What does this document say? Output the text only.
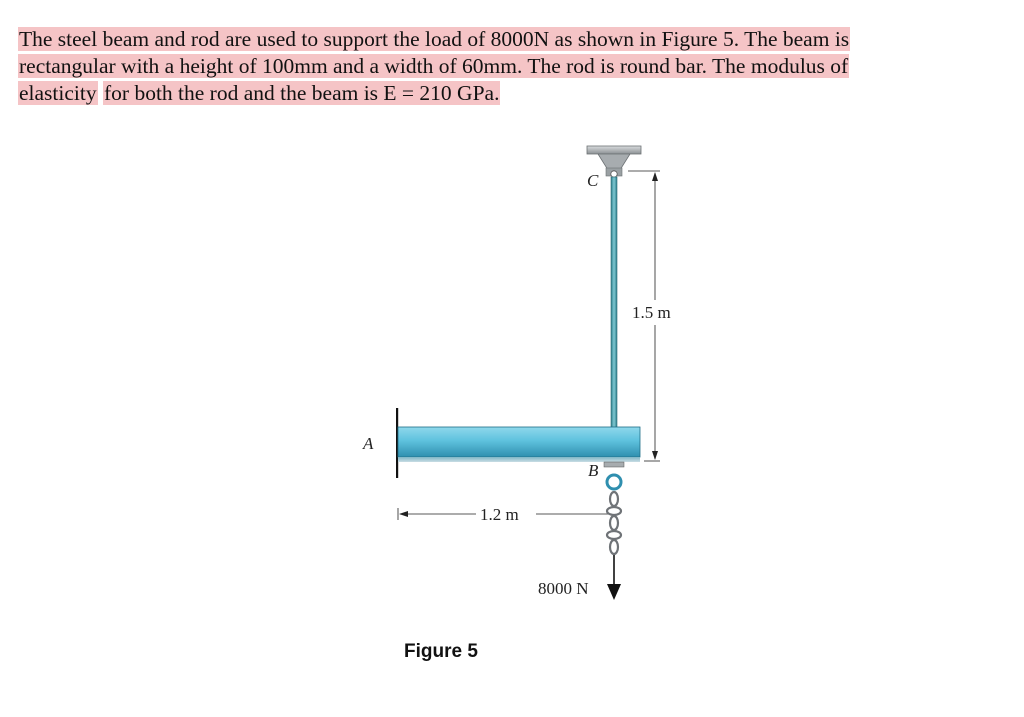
The steel beam and rod are used to support the load of 8000N as shown in Figure 5. The beam is
rectangular with a height of 100mm and a width of 60mm. The rod is round bar. The modulus of
elasticity for both the rod and the beam is E = 210 GPa.
A
B
C
1.5 m
1.2 m
8000 N
Figure 5
